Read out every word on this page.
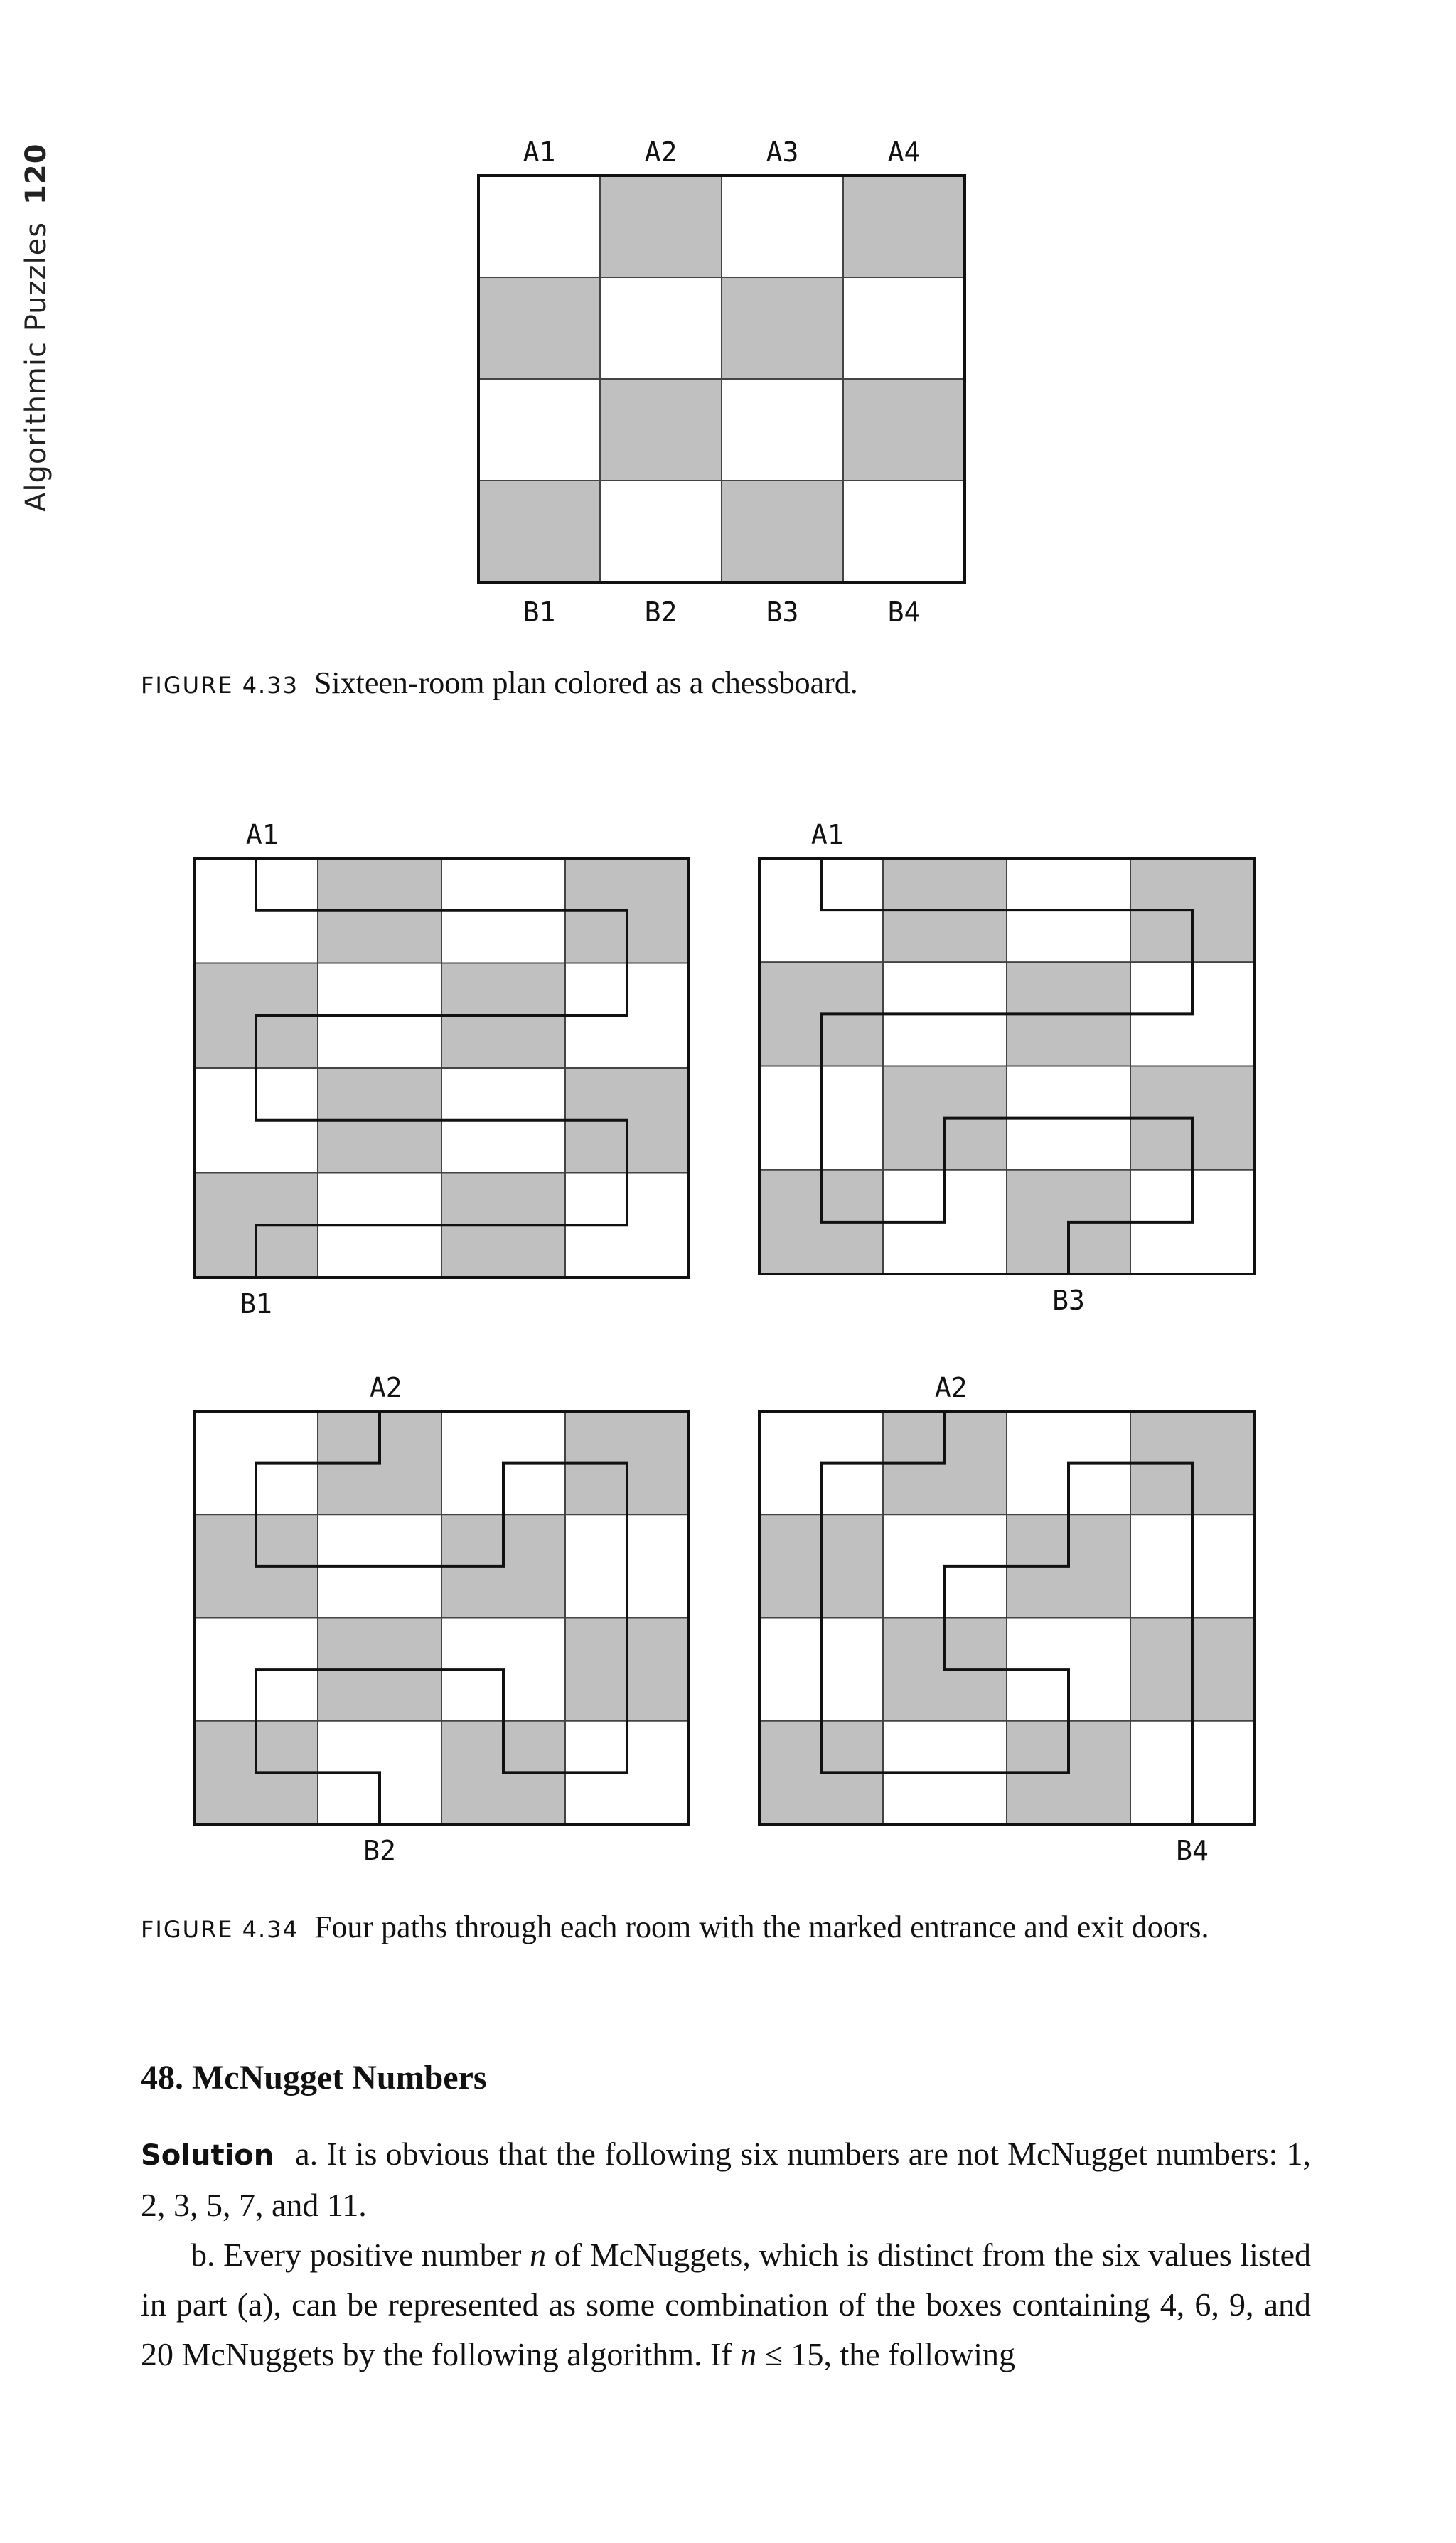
Algorithmic Puzzles120	A1
B1
A2
B2
A3
B3
A4
B4
A1
B1
A1
B3
A2
B2
A2
B4
FIGURE 4.33 Sixteen-room plan colored as a chessboard.
FIGURE 4.34 Four paths through each room with the marked entrance and exit doors.
48. McNugget Numbers

Solution a. It is obvious that the following six numbers are not McNugget numbers: 1, 2, 3, 5, 7, and 11.

b. Every positive number n of McNuggets, which is distinct from the six values listed in part (a), can be represented as some combination of the boxes containing 4, 6, 9, and 20 McNuggets by the following algorithm. If n ≤ 15, the following
